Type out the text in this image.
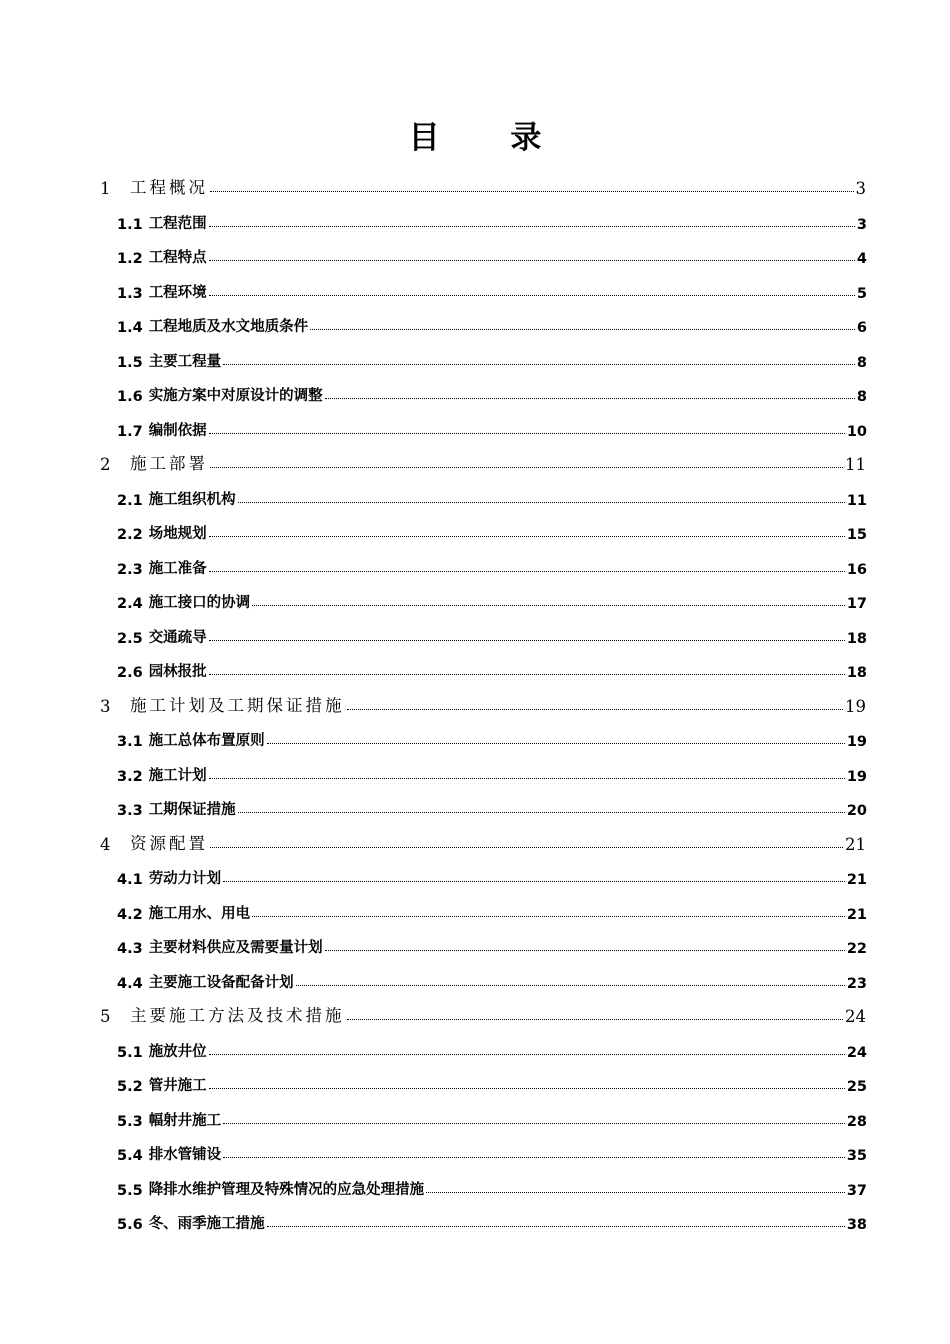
目 录
1	工程概况	3
1.1 工程范围	3
1.2 工程特点	4
1.3 工程环境	5
1.4 工程地质及水文地质条件	6
1.5 主要工程量	8
1.6 实施方案中对原设计的调整	8
1.7 编制依据	10
2	施工部署	11
2.1 施工组织机构	11
2.2 场地规划	15
2.3 施工准备	16
2.4 施工接口的协调	17
2.5 交通疏导	18
2.6 园林报批	18
3	施工计划及工期保证措施	19
3.1 施工总体布置原则	19
3.2 施工计划	19
3.3 工期保证措施	20
4	资源配置	21
4.1 劳动力计划	21
4.2 施工用水、用电	21
4.3 主要材料供应及需要量计划	22
4.4 主要施工设备配备计划	23
5	主要施工方法及技术措施	24
5.1 施放井位	24
5.2 管井施工	25
5.3 幅射井施工	28
5.4 排水管铺设	35
5.5 降排水维护管理及特殊情况的应急处理措施	37
5.6 冬、雨季施工措施	38
